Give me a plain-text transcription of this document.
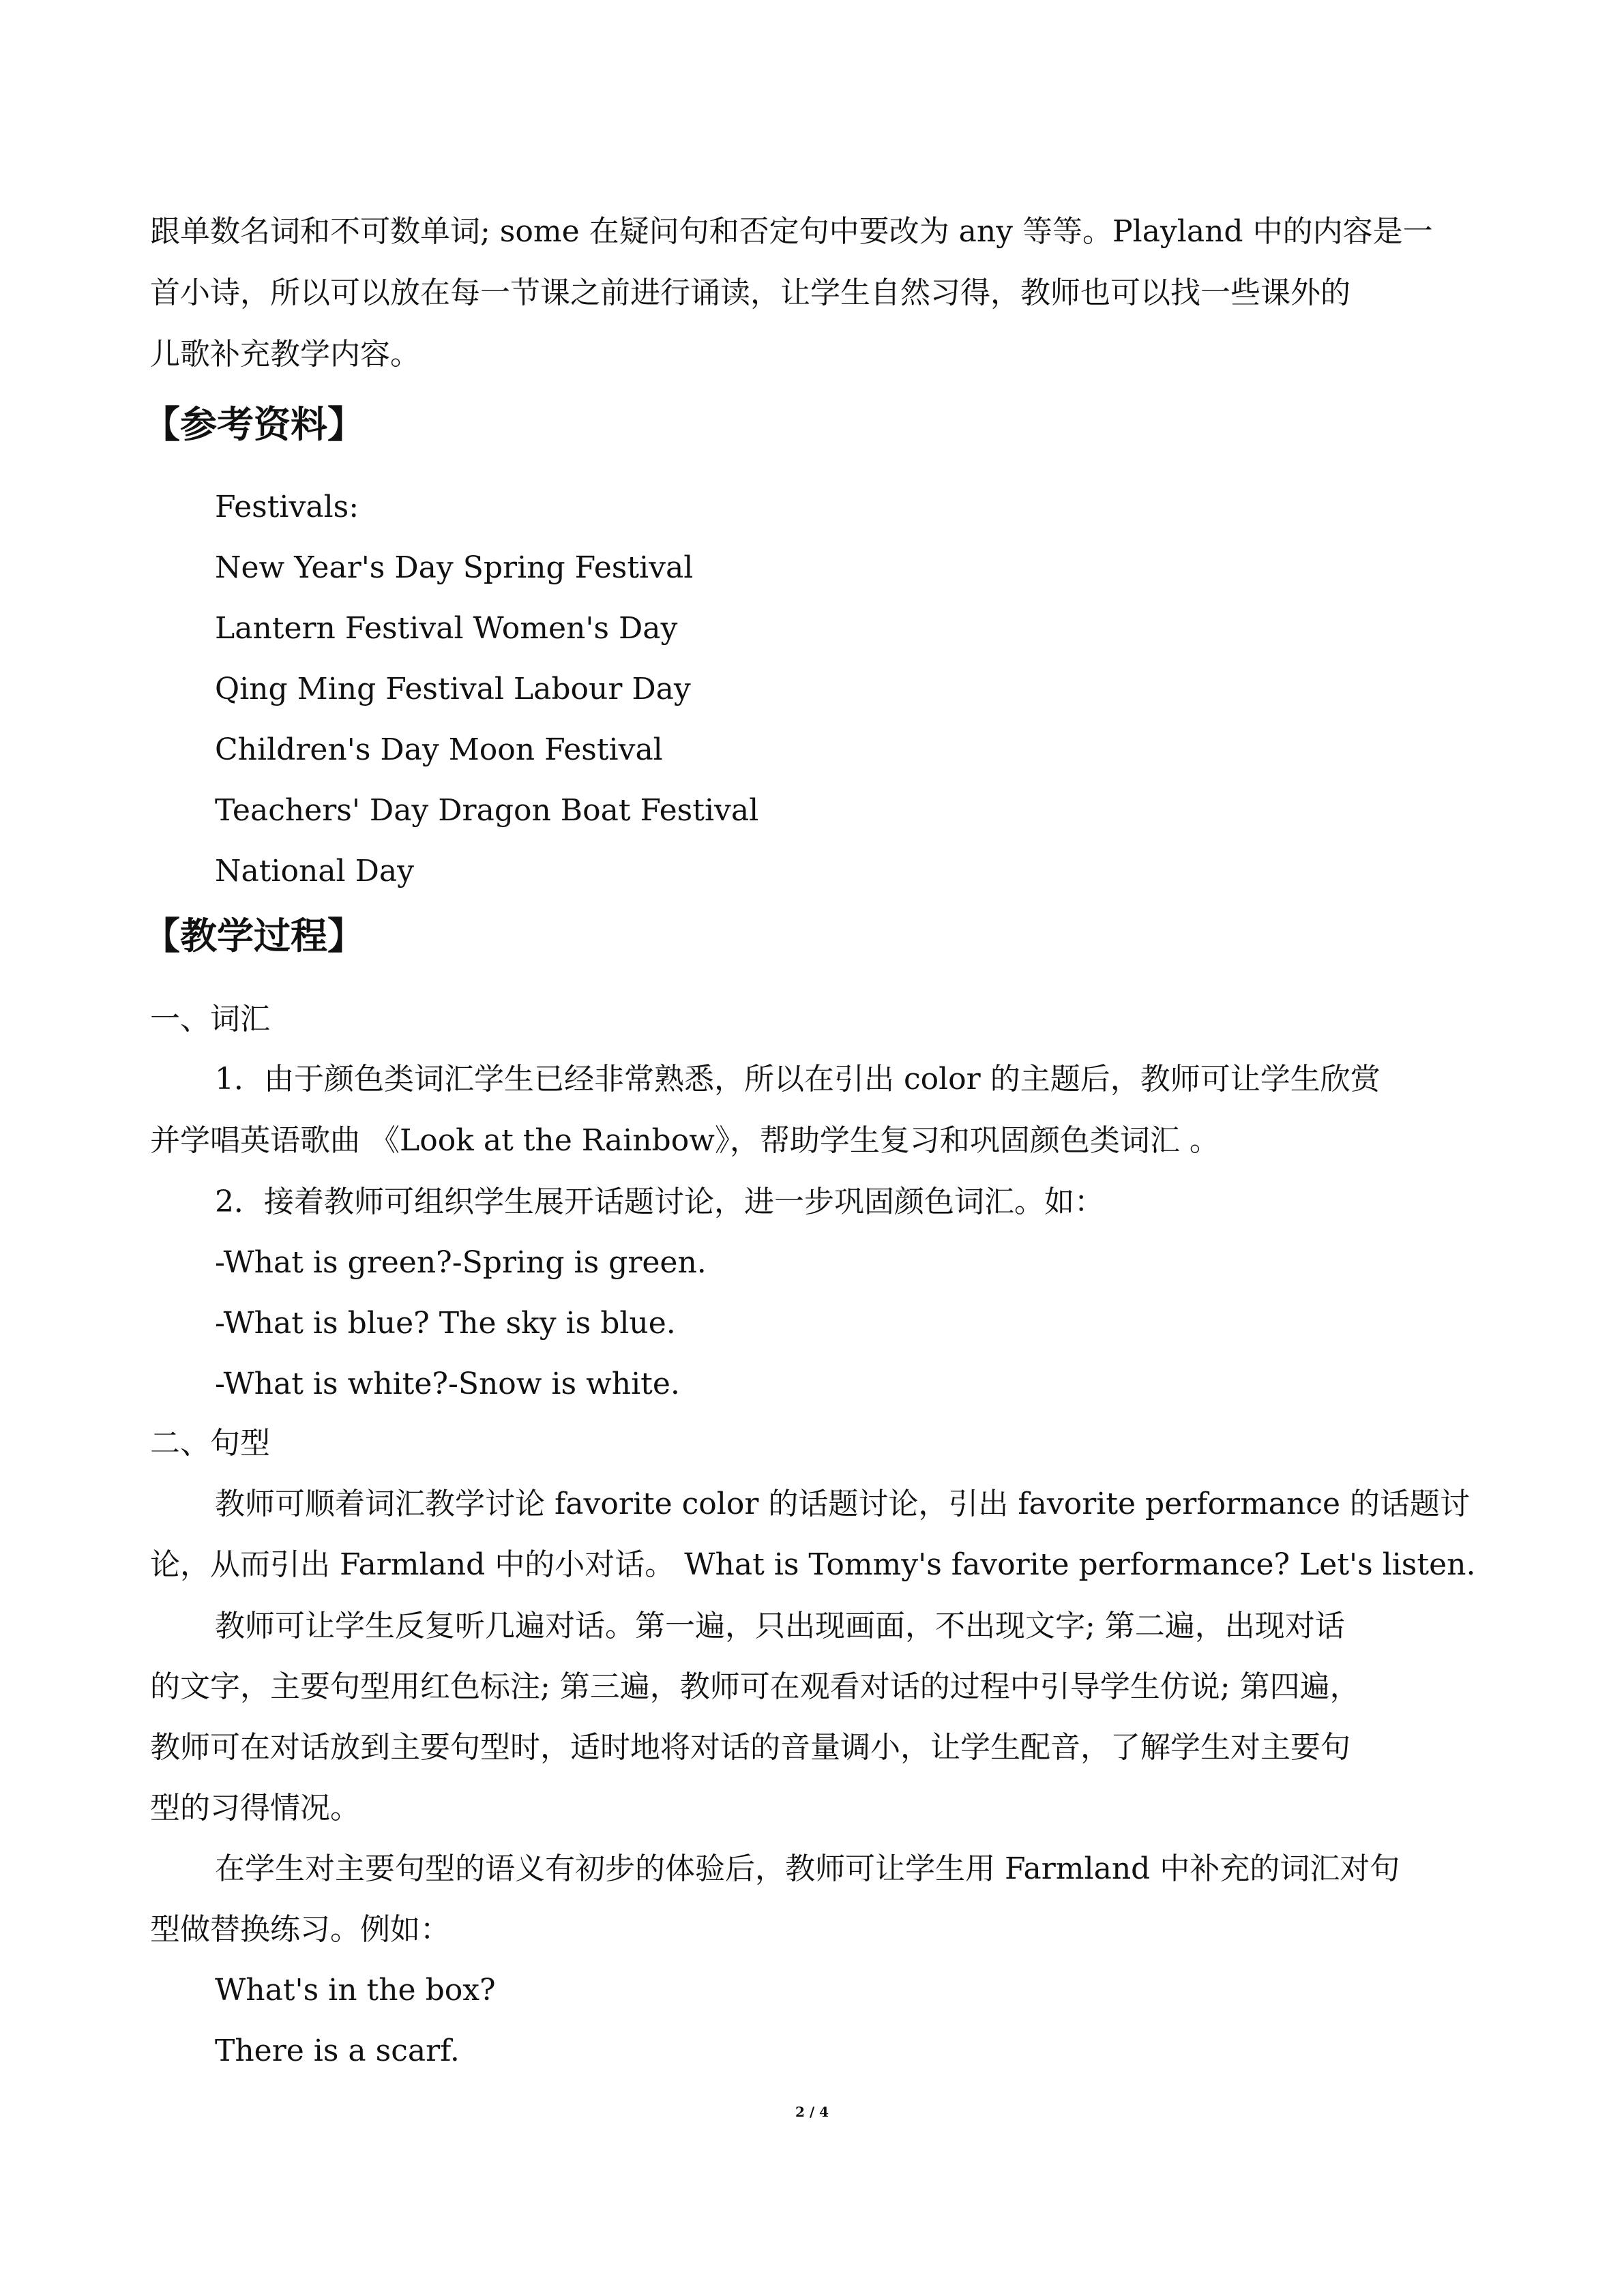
跟单数名词和不可数单词; some 在疑问句和否定句中要改为 any 等等。Playland 中的内容是一
首小诗，所以可以放在每一节课之前进行诵读，让学生自然习得，教师也可以找一些课外的
儿歌补充教学内容。
【参考资料】
Festivals:
New Year's Day Spring Festival
Lantern Festival Women's Day
Qing Ming Festival Labour Day
Children's Day Moon Festival
Teachers' Day Dragon Boat Festival
National Day
【教学过程】
一、词汇
1．由于颜色类词汇学生已经非常熟悉，所以在引出 color 的主题后，教师可让学生欣赏
并学唱英语歌曲 《Look at the Rainbow》，帮助学生复习和巩固颜色类词汇 。
2．接着教师可组织学生展开话题讨论，进一步巩固颜色词汇。如：
-What is green?-Spring is green.
-What is blue? The sky is blue.
-What is white?-Snow is white.
二、句型
教师可顺着词汇教学讨论 favorite color 的话题讨论，引出 favorite performance 的话题讨
论，从而引出 Farmland 中的小对话。 What is Tommy's favorite performance? Let's listen.
教师可让学生反复听几遍对话。第一遍，只出现画面，不出现文字; 第二遍，出现对话
的文字，主要句型用红色标注; 第三遍，教师可在观看对话的过程中引导学生仿说; 第四遍，
教师可在对话放到主要句型时，适时地将对话的音量调小，让学生配音，了解学生对主要句
型的习得情况。
在学生对主要句型的语义有初步的体验后，教师可让学生用 Farmland 中补充的词汇对句
型做替换练习。例如：
What's in the box?
There is a scarf.
2 / 4
